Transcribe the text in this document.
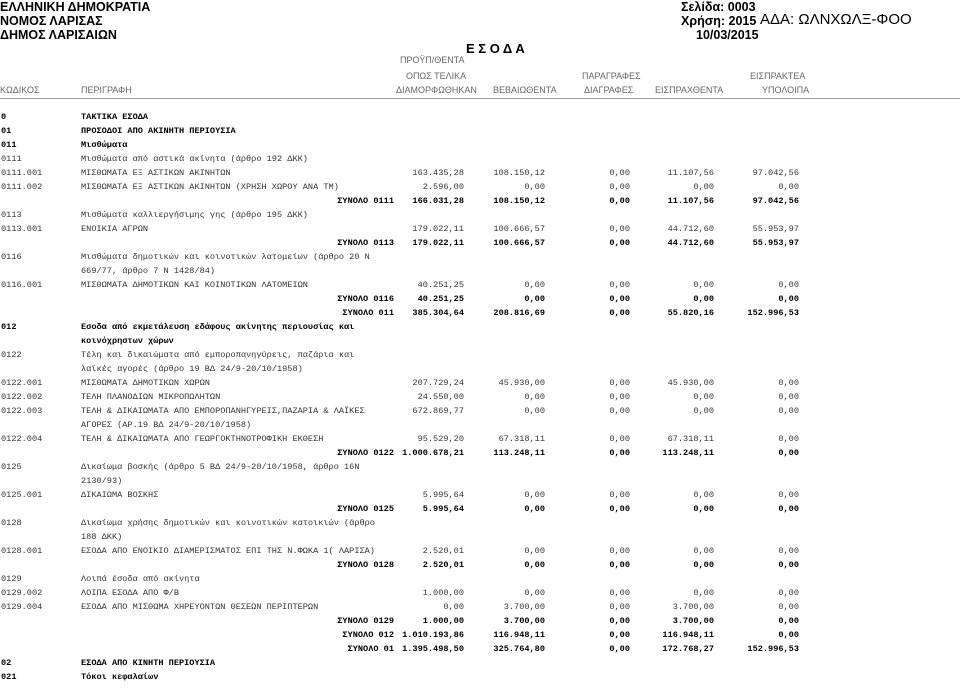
ΕΛΛΗΝΙΚΗ ΔΗΜΟΚΡΑΤΙΑ
ΝΟΜΟΣ ΛΑΡΙΣΑΣ
ΔΗΜΟΣ ΛΑΡΙΣΑΙΩΝ
Σελίδα: 0003
Χρήση: 2015
10/03/2015
Ε Σ Ο Δ Α
ΑΔΑ: ΩΛΝΧΩΛΞ-ΦΟΟ
ΠΡΟΫΠ/ΘΕΝΤΑ
ΟΠΩΣ ΤΕΛΙΚΑ	ΠΑΡΑΓΡΑΦΕΣ	ΕΙΣΠΡΑΚΤΕΑ
ΚΩΔΙΚΟΣ	ΠΕΡΙΓΡΑΦΗ	ΔΙΑΜΟΡΦΩΘΗΚΑΝ ΒΕΒΑΙΩΘΕΝΤΑ	ΔΙΑΓΡΑΦΕΣ ΕΙΣΠΡΑΧΘΕΝΤΑ	ΥΠΟΛΟΙΠΑ
0	ΤΑΚΤΙΚΑ ΕΣΟΔΑ
01	ΠΡΟΣΟΔΟΙ ΑΠΟ ΑΚΙΝΗΤΗ ΠΕΡΙΟΥΣΙΑ
011	Μισθώματα
0111	Μισθώματα από αστικά ακίνητα (άρθρο 192 ΔΚΚ)
0111.001	ΜΙΣΘΩΜΑΤΑ ΕΞ ΑΣΤΙΚΩΝ ΑΚΙΝΗΤΩΝ	163.435,28	108.150,12	0,00	11.107,56	97.042,56
0111.002	ΜΙΣΘΩΜΑΤΑ ΕΞ ΑΣΤΙΚΩΝ ΑΚΙΝΗΤΩΝ (ΧΡΗΣΗ ΧΩΡΟΥ ΑΝΑ ΤΜ)	2.596,00	0,00	0,00	0,00	0,00
ΣΥΝΟΛΟ 0111 166.031,28	108.150,12	0,00	11.107,56	97.042,56
0113	Μισθώματα καλλιεργήσιμης γης (άρθρο 195 ΔΚΚ)
0113.001	ΕΝΟΙΚΙΑ ΑΓΡΩΝ	179.022,11	100.666,57	0,00	44.712,60	55.953,97
ΣΥΝΟΛΟ 0113 179.022,11	100.666,57	0,00	44.712,60	55.953,97
0116	Μισθώματα δημοτικών και κοινοτικών λατομείων (άρθρο 20 Ν
669/77, άρθρο 7 Ν 1428/84)
0116.001	ΜΙΣΘΩΜΑΤΑ ΔΗΜΟΤΙΚΩΝ ΚΑΙ ΚΟΙΝΟΤΙΚΩΝ ΛΑΤΟΜΕΙΩΝ	40.251,25	0,00	0,00	0,00	0,00
ΣΥΝΟΛΟ 0116	40.251,25	0,00	0,00	0,00	0,00
ΣΥΝΟΛΟ 011 385.304,64	208.816,69	0,00	55.820,16	152.996,53
012	Εσοδα από εκμετάλευση εδάφους ακίνητης περιουσίας και
κοινόχρηστων χώρων
0122	Τέλη και δικαιώματα από εμποροπανηγύρεις, παζάρια και
λαϊκές αγορές (άρθρο 19 ΒΔ 24/9-20/10/1958)
0122.001	ΜΙΣΘΩΜΑΤΑ ΔΗΜΟΤΙΚΩΝ ΧΩΡΩΝ	207.729,24	45.930,00	0,00	45.930,00	0,00
0122.002	ΤΕΛΗ ΠΛΑΝΟΔΙΩΝ ΜΙΚΡΟΠΩΛΗΤΩΝ	24.550,00	0,00	0,00	0,00	0,00
0122.003	ΤΕΛΗ & ΔΙΚΑΙΩΜΑΤΑ ΑΠΟ ΕΜΠΟΡΟΠΑΝΗΓΥΡΕΙΣ,ΠΑΖΑΡΙΑ & ΛΑΪΚΕΣ	672.869,77	0,00	0,00	0,00	0,00
ΑΓΟΡΕΣ (ΑΡ.19 ΒΔ 24/9-20/10/1958)
0122.004	ΤΕΛΗ & ΔΙΚΑΙΩΜΑΤΑ ΑΠΟ ΓΕΩΡΓΟΚΤΗΝΟΤΡΟΦΙΚΗ ΕΚΘΕΣΗ	95.529,20	67.318,11	0,00	67.318,11	0,00
ΣΥΝΟΛΟ 0122 1.000.678,21	113.248,11	0,00	113.248,11	0,00
0125	Δικαίωμα βοσκής (άρθρο 5 ΒΔ 24/9-20/10/1958, άρθρο 16Ν
2130/93)
0125.001	ΔΙΚΑΙΩΜΑ ΒΟΣΚΗΣ	5.995,64	0,00	0,00	0,00	0,00
ΣΥΝΟΛΟ 0125	5.995,64	0,00	0,00	0,00	0,00
0128	Δικαίωμα χρήσης δημοτικών και κοινοτικών κατοικιών (άρθρο
188 ΔΚΚ)
0128.001	ΕΣΟΔΑ ΑΠΟ ΕΝΟΙΚΙΟ ΔΙΑΜΕΡΙΣΜΑΤΟΣ ΕΠΙ ΤΗΣ Ν.ΦΩΚΑ 1( ΛΑΡΙΣΑ)	2.520,01	0,00	0,00	0,00	0,00
ΣΥΝΟΛΟ 0128	2.520,01	0,00	0,00	0,00	0,00
0129	Λοιπά έσοδα από ακίνητα
0129.002	ΛΟΙΠΑ ΕΣΟΔΑ ΑΠΟ Φ/Β	1.000,00	0,00	0,00	0,00	0,00
0129.004	ΕΣΟΔΑ ΑΠΟ ΜΙΣΘΩΜΑ ΧΗΡΕΥΟΝΤΩΝ ΘΕΣΕΩΝ ΠΕΡΙΠΤΕΡΩΝ	0,00	3.700,00	0,00	3.700,00	0,00
ΣΥΝΟΛΟ 0129	1.000,00	3.700,00	0,00	3.700,00	0,00
ΣΥΝΟΛΟ 012 1.010.193,86	116.948,11	0,00	116.948,11	0,00
ΣΥΝΟΛΟ 01 1.395.498,50	325.764,80	0,00	172.768,27	152.996,53
02	ΕΣΟΔΑ ΑΠΟ ΚΙΝΗΤΗ ΠΕΡΙΟΥΣΙΑ
021	Τόκοι κεφαλαίων
